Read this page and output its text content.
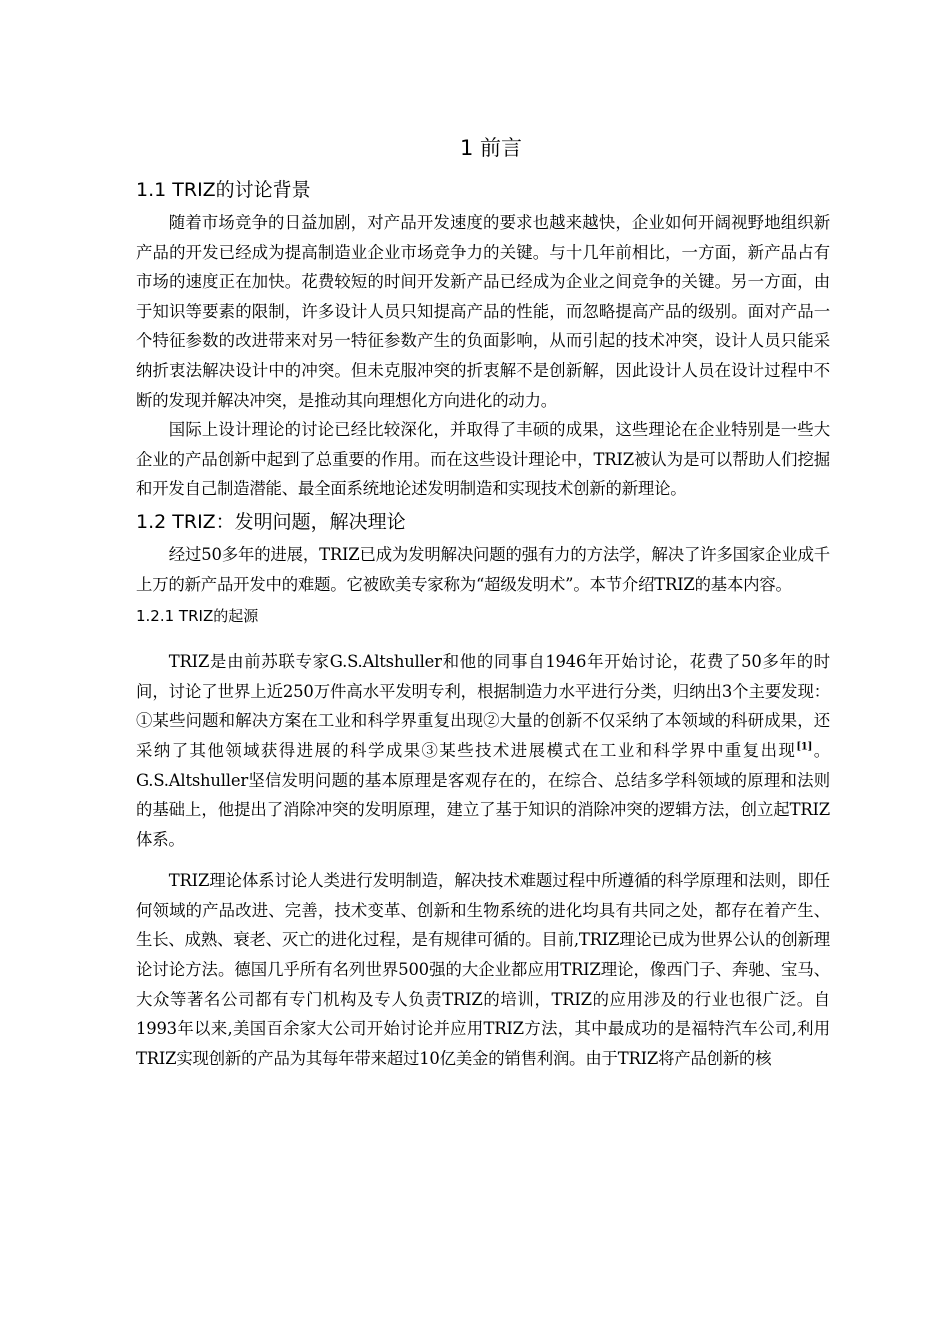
1 前言
1.1 TRIZ的讨论背景

随着市场竞争的日益加剧，对产品开发速度的要求也越来越快，企业如何开阔视野地组织新产品的开发已经成为提高制造业企业市场竞争力的关键。与十几年前相比，一方面，新产品占有市场的速度正在加快。花费较短的时间开发新产品已经成为企业之间竞争的关键。另一方面，由于知识等要素的限制，许多设计人员只知提高产品的性能，而忽略提高产品的级别。面对产品一个特征参数的改进带来对另一特征参数产生的负面影响，从而引起的技术冲突，设计人员只能采纳折衷法解决设计中的冲突。但未克服冲突的折衷解不是创新解，因此设计人员在设计过程中不断的发现并解决冲突，是推动其向理想化方向进化的动力。

国际上设计理论的讨论已经比较深化，并取得了丰硕的成果，这些理论在企业特别是一些大企业的产品创新中起到了总重要的作用。而在这些设计理论中，TRIZ被认为是可以帮助人们挖掘和开发自己制造潜能、最全面系统地论述发明制造和实现技术创新的新理论。

1.2 TRIZ：发明问题，解决理论

经过50多年的进展，TRIZ已成为发明解决问题的强有力的方法学，解决了许多国家企业成千上万的新产品开发中的难题。它被欧美专家称为“超级发明术”。本节介绍TRIZ的基本内容。

1.2.1 TRIZ的起源

TRIZ是由前苏联专家G.S.Altshuller和他的同事自1946年开始讨论，花费了50多年的时间，讨论了世界上近250万件高水平发明专利，根据制造力水平进行分类，归纳出3个主要发现：①某些问题和解决方案在工业和科学界重复出现②大量的创新不仅采纳了本领域的科研成果，还采纳了其他领域获得进展的科学成果③某些技术进展模式在工业和科学界中重复出现[1]。G.S.Altshuller坚信发明问题的基本原理是客观存在的，在综合、总结多学科领域的原理和法则的基础上，他提出了消除冲突的发明原理，建立了基于知识的消除冲突的逻辑方法，创立起TRIZ体系。

TRIZ理论体系讨论人类进行发明制造，解决技术难题过程中所遵循的科学原理和法则，即任何领域的产品改进、完善，技术变革、创新和生物系统的进化均具有共同之处，都存在着产生、生长、成熟、衰老、灭亡的进化过程，是有规律可循的。目前,TRIZ理论已成为世界公认的创新理论讨论方法。德国几乎所有名列世界500强的大企业都应用TRIZ理论，像西门子、奔驰、宝马、大众等著名公司都有专门机构及专人负责TRIZ的培训，TRIZ的应用涉及的行业也很广泛。自1993年以来,美国百余家大公司开始讨论并应用TRIZ方法，其中最成功的是福特汽车公司,利用TRIZ实现创新的产品为其每年带来超过10亿美金的销售利润。由于TRIZ将产品创新的核
